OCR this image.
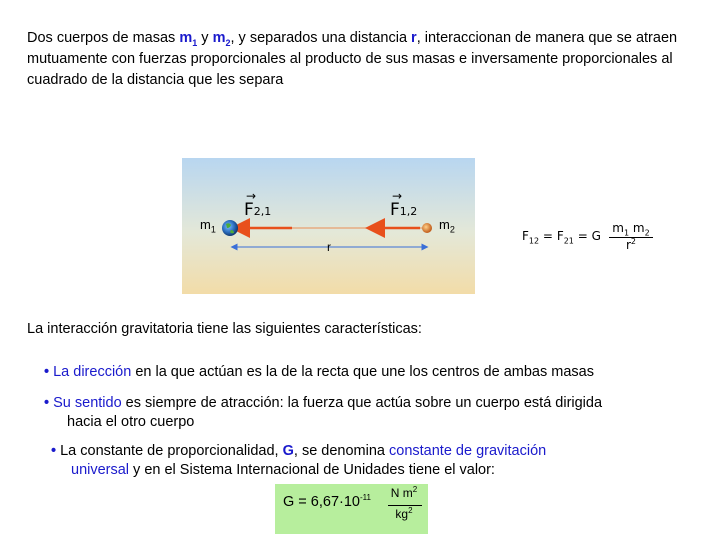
Dos cuerpos de masas $m_1$ y $m_2$, y separados una distancia r, interaccionan de manera que se atraen mutuamente con fuerzas proporcionales al producto de sus masas e inversamente proporcionales al cuadrado de la distancia que les separa
→
F2,1
→
F1,2
$m_1$	$m_2$
r
$F_{12} = F_{21} = G$
$m_1$ $m_2$
$r^2$
La interacción gravitatoria tiene las siguientes características:
• La dirección en la que actúan es la de la recta que une los centros de ambas masas
• Su sentido es siempre de atracción: la fuerza que actúa sobre un cuerpo está dirigida
hacia el otro cuerpo
• La constante de proporcionalidad, G, se denomina constante de gravitación
universal y en el Sistema Internacional de Unidades tiene el valor:
$G = 6,67\cdot 10^{-11}$	N $m^2$
$kg^2$
